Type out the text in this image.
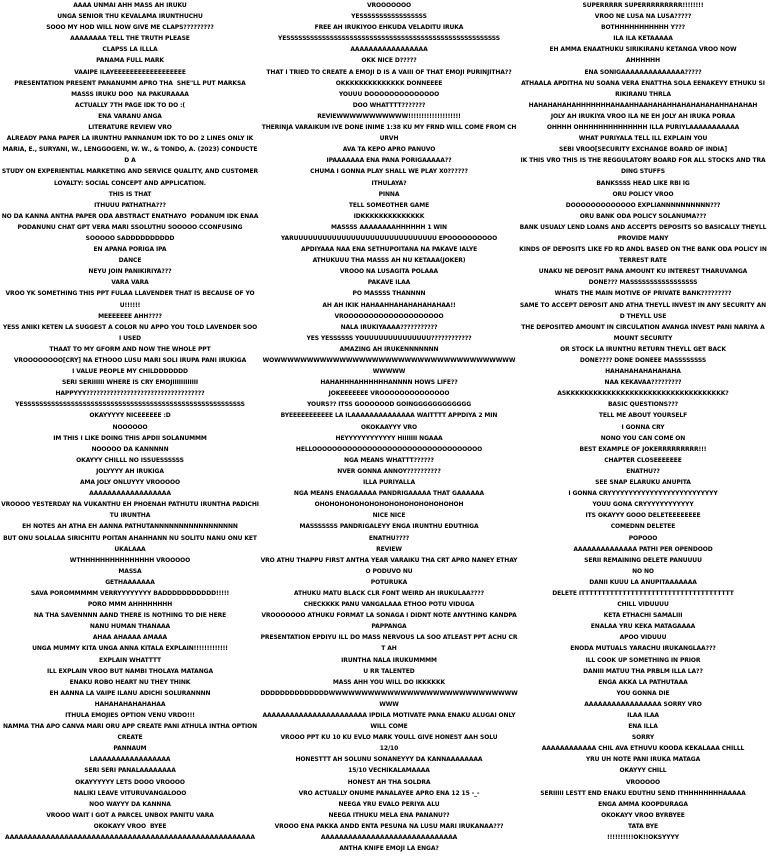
AAAA UNMAI AHH MASS AH IRUKU
UNGA SENIOR THU KEVALAMA IRUNTHUCHU
SOOO MY HOD WILL NOW GIVE ME CLAPS?????????
AAAAAAAA TELL THE TRUTH PLEASE
CLAPSS LA ILLLA
PANAMA FULL MARK
VAAIPE ILAYEEEEEEEEEEEEEEEEEE
PRESENTATION PRESENT PANANUMM APRO THA  SHE"LL PUT MARKSA
MASSS IRUKU DOO  NA PAKURAAAA
ACTUALLY 7TH PAGE IDK TO DO :(
ENA VARANU ANGA
LITERATURE REVIEW VRO
ALREADY PANA PAPER LA IRUNTHU PANNANUM IDK TO DO 2 LINES ONLY IK
MARIA, E., SURYANI, W., LENGGOGENI, W. W., & TONDO, A. (2023) CONDUCTED A
STUDY ON EXPERIENTIAL MARKETING AND SERVICE QUALITY, AND CUSTOMER
LOYALTY: SOCIAL CONCEPT AND APPLICATION.
THIS IS THAT
ITHUUU PATHATHA???
NO DA KANNA ANTHA PAPER ODA ABSTRACT ENATHAYO  PODANUM IDK ENAA
PODANUNU CHAT GPT VERA MARI SSOLUTHU SOOOOO CCONFUSING
SOOOOO SADDDDDDDDDD
EN APANA PORIGA IPA
DANCE
NEYU JOIN PANIKIRIYA???
VARA VARA
VROO YK SOMETHING THIS PPT FULAA LLAVENDER THAT IS BECAUSE OF YOU!!!!!!
MEEEEEEE AHH????
YESS ANIKI KETEN LA SUGGEST A COLOR NU APPO YOU TOLD LAVENDER SOO I USED
THAAT TO MY GFORM AND NOW THE WHOLE PPT
VROOOOOOOO[CRY] NA ETHOOO LUSU MARI SOLI IRUPA PANI IRUKIGA
I VALUE PEOPLE MY CHILDDDDDDD
SERI SERIIIIII WHERE IS CRY EMOJIIIIIIIIIIII
HAPPYYY???????????????????????????????????
YESSSSSSSSSSSSSSSSSSSSSSSSSSSSSSSSSSSSSSSSSSSSSSSSSSSSSSSS
OKAYYYYY NICEEEEEE :D
NOOOOOO
IM THIS I LIKE DOING THIS APDII SOLANUMMM
NOOOOO DA KANNNNN
OKAYYY CHILLL NO ISSUESSSSSS
JOLYYYY AH IRUKIGA
AMA JOLY ONLUYYY VROOOOO
AAAAAAAAAAAAAAAAAA
VROOOO YESTERDAY NA VUKANTHU EH PHOENAH PATHUTU IRUNTHA PADICHITU IRUNTHA
EH NOTES AH ATHA EH AANNA PATHUTANNNNNNNNNNNNNNNNN
BUT ONU SOLALAA SIRICHITU POITAN AHAHHANN NU SOLITU NANU ONU KETUKALAAA
WTHHHHHHHHHHHHHHH VROOOOO
MASSA
GETHAAAAAAA
SAVA POROMMMMM VERRYYYYYYYY BADDDDDDDDDDD!!!!!
PORO MMM AHHHHHHHH
NA THA SAVENNNN AAND THERE IS NOTHING TO DIE HERE
NANU HUMAN THANAAA
AHAA AHAAAA AMAAA
UNGA MUMMY KITA UNGA ANNA KITALA EXPLAIN!!!!!!!!!!!!!
EXPLAIN WHATTTT
ILL EXPLAIN VROO BUT NAMBI THOLAYA MATANGA
ENAKU ROBO HEART NU THEY THINK
EH AANNA LA VAIPE ILANU ADICHI SOLURANNNN
HAHAHAHAHAHAHAA
ITHULA EMOJIES OPTION VENU VRDO!!!
NAMMA THA APO CANVA MARI ORU APP CREATE PANI ATHULA INTHA OPTION CREATE
PANNAUM
LAAAAAAAAAAAAAAAAA
SERI SERI PANALAAAAAAAA
OKAYYYYYY LETS DOOO VROOOO
NALIKI LEAVE VITURUVANGALOOO
NOO WAYYY DA KANNNA
VROOO WAIT I GOT A PARCEL UNBOX PANITU VARA
OKOKAYY VROO  BYEE
AAAAAAAAAAAAAAAAAAAAAAAAAAAAAAAAAAAAAAAAAAAAAAAAAAAAAAA
VROOOOOOO
YESSSSSSSSSSSSSSSSS
FREE AH IRUKIYOO EHKUDA VELADITU IRUKA
YESSSSSSSSSSSSSSSSSSSSSSSSSSSSSSSSSSSSSSSSSSSSSSSSSSSSSS
AAAAAAAAAAAAAAAAA
OKK NICE D?????
THAT I TRIED TO CREATE A EMOJI D IS A VAIII OF THAT EMOJI PURINJITHA??
OKKKKKKKKKKKKKK DONNEEEE
YOUUU DOOOOOOOOOOOOOO
DOO WHATTTT???????
REVIEWWWWWWWWWWW!!!!!!!!!!!!!!!!!!!!
THERINJA VARAIKUM IVE DONE INIME 1:38 KU MY FRND WILL COME FROM CHURVH
AVA TA KEPO APRO PANUVO
IPAAAAAAA ENA PANA PORIGAAAAA??
CHUMA I GONNA PLAY SHALL WE PLAY X0??????
ITHULAYA?
PINNA
TELL SOMEOTHER GAME
IDKKKKKKKKKKKKKK
MASSSS AAAAAAAAHHHHHH 1 WIN
YARUUUUUUUUUUUUUUUUUUUUUUUUUUUUUU EPOOOOOOOOOO
APDIYAAA NAA ENA SETHUPOITANA NA PAKAVE IALYE
ATHUKUUU THA MASSS AH NU KETAAA(JOKER)
VROOO NA LUSAGITA POLAAA
PAKAVE ILAA
PO MASSSS THANNNN
AH AH IKIK HAHAAHHAHAHAHAHAHAA!!
VROOOOOOOOOOOOOOOOOOOO
NALA IRUKIYAAAA???????????
YES YESSSSSS YOUUUUUUUUUUUUUU????????????
AMAZING AH IRUKENNNNNNN
WOWWWWWWWWWWWWWWWWWWWWWWWWWWWWWWWWWWWWWWWWWW
HAHAHHHAHHHHHHANNNN HOWS LIFE??
JOKEEEEEEE VROOOOOOOOOOOOOO
YOURS?? ITSS GOOOOOOD GOINGGGGGGGGGGGG
BYEEEEEEEEEEE LA ILAAAAAAAAAAAAAA WAITTTT APPDIYA 2 MIN
OKOKAAYYY VRO
HEYYYYYYYYYYYY HIIIIIII NGAAA
HELLOOOOOOOOOOOOOOOOOOOOOOOOOOOOOOOOOO
NGA MEANS WHATTT??????
NVER GONNA ANNOY??????????
ILLA PURIYALLA
NGA MEANS ENAGAAAAA PANDRIGAAAAA THAT GAAAAAA
OHOHOHOHOHOHOHOHOHOHOHOHOHOHOH
NICE NICE
MASSSSSSS PANDRIGALEYY ENGA IRUNTHU EDUTHIGA
ENATHU????
REVIEW
VRO ATHU THAPPU FIRST ANTHA YEAR VARAIKU THA CRT APRO NANEY ETHAYO PODUVO NU
POTURUKA
ATHUKU MATU BLACK CLR FONT WEIRD AH IRUKULAA????
CHECKKKK PANU VANGALAAA ETHOO POTU VIDUGA
VROOOOOOO ATHUKU FORMAT LA SONAGA I DIDNT NOTE ANYTHING KANDPA PAPPANGA
PRESENTATION EPDIYU ILL DO MASS NERVOUS LA SOO ATLEAST PPT ACHU CRT AH
IRUNTHA NALA IRUKUMMMM
U RR TALENTED
MASS AHH YOU WILL DO IKKKKKK
DDDDDDDDDDDDDDWWWWWWWWWWWWWWWWWWWWWWWWWWWWWWWW
AAAAAAAAAAAAAAAAAAAAAAA IPDILA MOTIVATE PANA ENAKU ALUGAI ONLY WILL COME
VROOO PPT KU 10 KU EVLO MARK YOULL GIVE HONEST AAH SOLU
12/10
HONESTTT AH SOLUNU SONANEYYY DA KANNAAAAAAAA
15/10 VECHIKALAMAAAA
HONEST AH THA SOLDRA
VRO ACTUALLY ONUME PANALAYEE APRO ENA 12 15 -_-
NEEGA YRU EVALO PERIYA ALU
NEEGA ITHUKU MELA ENA PANANU??
VROOO ENA PAKKA ANDD ENTA PESUNA NA LUSU MARI IRUKANAA???
AAAAAAAAAAAAAAAAAAAAAAAAAAAAAA
ANTHA KNIFE EMOJI LA ENGA?
SUPERRRRR SUPERRRRRRRRR!!!!!!!!
VROO NE LUSA NA LUSA?????
BOTHHHHHHHHHHH Y???
ILA ILA KETAAAAA
EH AMMA ENAATHUKU SIRIKIRANU KETANGA VROO NOW
AHHHHHH
ENA SONIGAAAAAAAAAAAAAA?????
ATHAALA APDITHA NU SOANA VERA ENATTHA SOLA EENAKEYY ETHUKU SIRIKIRANU THRLA
HAHAHAHAHAHHHHHHHAHAAHHAAHAHAHHAHAHAHAHAHHAHAHAH
JOLY AH IRUKIYA VROO ILA NE EH JOLY AH IRUKA PORAA
OHHHH OHHHHHHHHHHHHHH ILLA PURIYLAAAAAAAAAAA
WHAT PURIYALA TELL ILL EXPLAIN YOU
SEBI VROO[SECURITY EXCHANGE BOARD OF INDIA]
IK THIS VRO THIS IS THE REGGULATORY BOARD FOR ALL STOCKS AND TRADING STUFFS
BANKSSSS HEAD LIKE RBI IG
ORU POLICY VROO
DOOOOOOOOOOOOO EXPLIANNNNNNNNNN???
ORU BANK ODA POLICY SOLANUMA???
BANK USUALY LEND LOANS AND ACCEPTS DEPOSITS SO BASICALLY THEYLL PROVIDE MANY
KINDS OF DEPOSITS LIKE FD RD ANDL BASED ON THE BANK ODA POLICY INTERREST RATE
UNAKU NE DEPOSIT PANA AMOUNT KU INTEREST THARUVANGA
DONE??? MASSSSSSSSSSSSSSSSS
WHATS THE MAIN MOTIVE OF PRIVATE BANK?????????
SAME TO ACCEPT DEPOSIT AND ATHA THEYLL INVEST IN ANY SECURITY AND THEYLL USE
THE DEPOSITED AMOUNT IN CIRCULATION AVANGA INVEST PANI NARIYA AMOUNT SECURITY
OR STOCK LA IRUNTHU RETURN THEYLL GET BACK
DONE???? DONE DONEEE MASSSSSSSS
HAHAHAHAHAHAHAHA
NAA KEKAVAA?????????
ASKKKKKKKKKKKKKKKKKKKKKKKKKKKKKKKKKKK?
BASIC QUESTIONS???
TELL ME ABOUT YOURSELF
I GONNA CRY
NONO YOU CAN COME ON
BEST EXAMPLE OF JOKERRRRRRRRR!!!
CHAPTER CLOSEEEEEEE
ENATHU??
SEE SNAP ELARUKU ANUPITA
I GONNA CRYYYYYYYYYYYYYYYYYYYYYYYYYY
YOUU GONA CRYYYYYYYYYYYY
ITS OKAYYY GOOO DELETEEEEEEEE
COMEDNN DELETEE
POPOOO
AAAAAAAAAAAAAA PATHI PER OPENDOOD
SERII REMAINING DELETE PANUUUU
NO NO
DANII KUUU LA ANUPITAAAAAAA
DELETE ITTTTTTTTTTTTTTTTTTTTTTTTTTTTTTTTTTTTT
CHILL VIDUUUU
KETA ETHACHI SAMALIII
ENALAA YRU KEKA MATAGAAAA
APOO VIDUUU
ENODA MUTUALS YARACHU IRUKANGLAA???
ILL COOK UP SOMETHING IN PRIOR
DANIII MATUU THA PRBLM ILLA LA??
ENGA AKKA LA PATHUTAAA
YOU GONNA DIE
AAAAAAAAAAAAAAAAA SORRY VRO
ILAA ILAA
ENA ILLA
SORRY
AAAAAAAAAAAA CHIL AVA ETHUVU KOODA KEKALAAA CHILLL
YRU UH NOTE PANI IRUKA MATAGA
OKAYYY CHILL
VROOOOO
SERIIIII LESTT END ENAKU EDUTHU SEND ITHHHHHHHHAAAAA
ENGA AMMA KOOPDURAGA
OKOKAYY VROO BYRBYEE
TATA BYE
!!!!!!!!!!OK!!OKSYYYY
